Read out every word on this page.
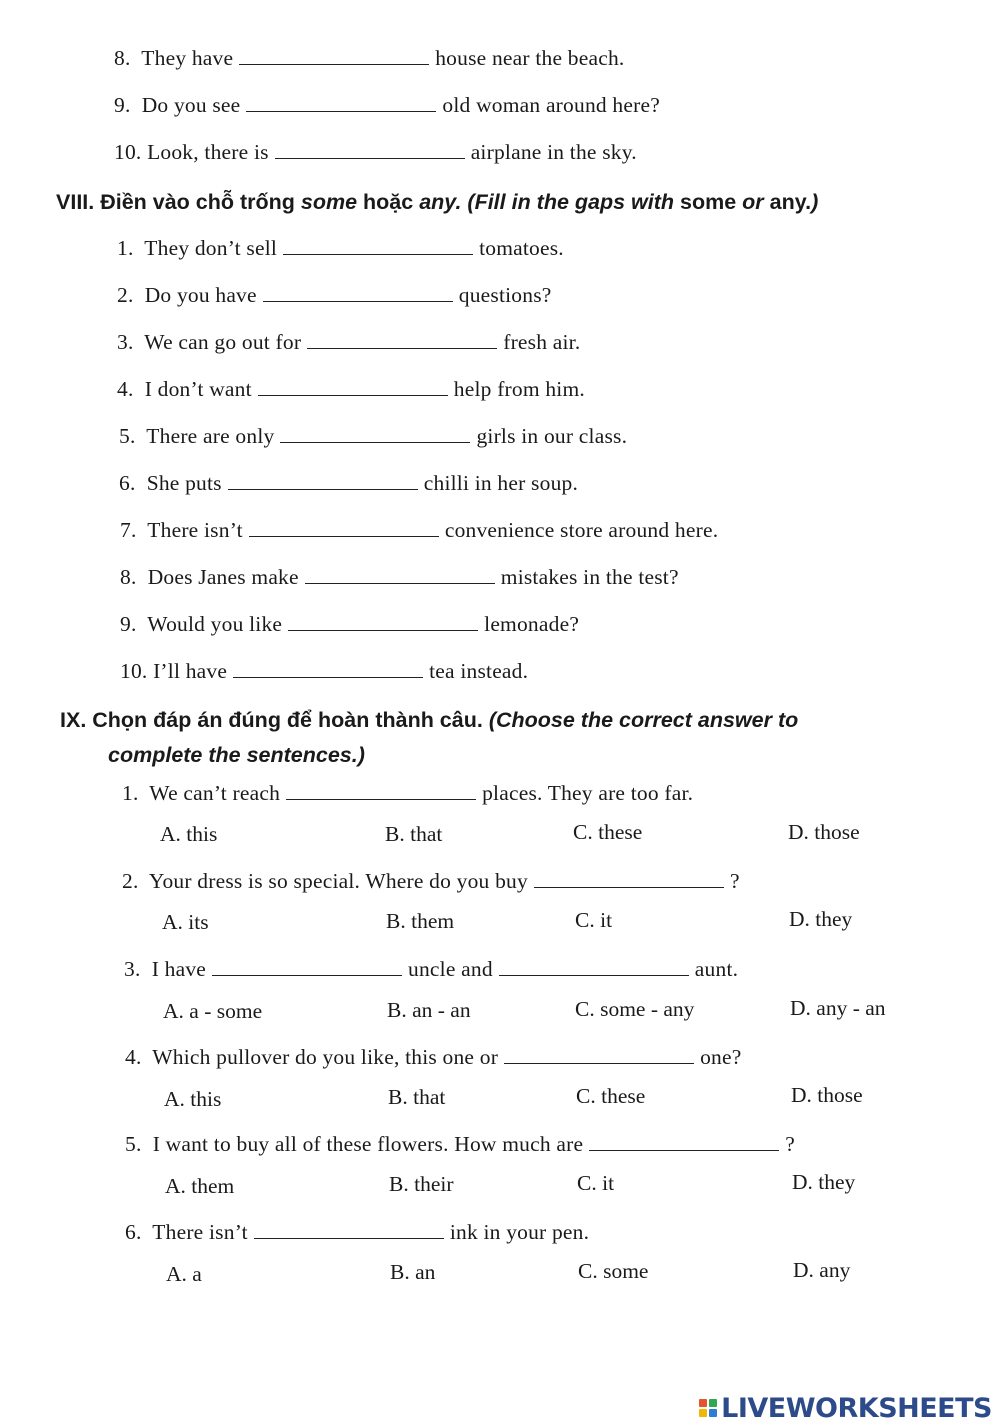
8. They have	house near the beach.
9. Do you see	old woman around here?
10. Look, there is	airplane in the sky.
VIII. Điền vào chỗ trống some hoặc any. (Fill in the gaps with some or any.)
1. They don’t sell	tomatoes.
2. Do you have	questions?
3. We can go out for	fresh air.
4. I don’t want	help from him.
5. There are only	girls in our class.
6. She puts	chilli in her soup.
7. There isn’t	convenience store around here.
8. Does Janes make	mistakes in the test?
9. Would you like	lemonade?
10. I’ll have	tea instead.
IX. Chọn đáp án đúng để hoàn thành câu. (Choose the correct answer to
complete the sentences.)
1. We can’t reach	places. They are too far.
A. this	B. that	C. these	D. those
2. Your dress is so special. Where do you buy	?
A. its	B. them	C. it	D. they
3. I have	uncle and	aunt.
A. a - some	B. an - an	C. some - any	D. any - an
4. Which pullover do you like, this one or	one?
A. this	B. that	C. these	D. those
5. I want to buy all of these flowers. How much are	?
A. them	B. their	C. it	D. they
6. There isn’t	ink in your pen.
A. a	B. an	C. some	D. any
LIVEWORKSHEETS
